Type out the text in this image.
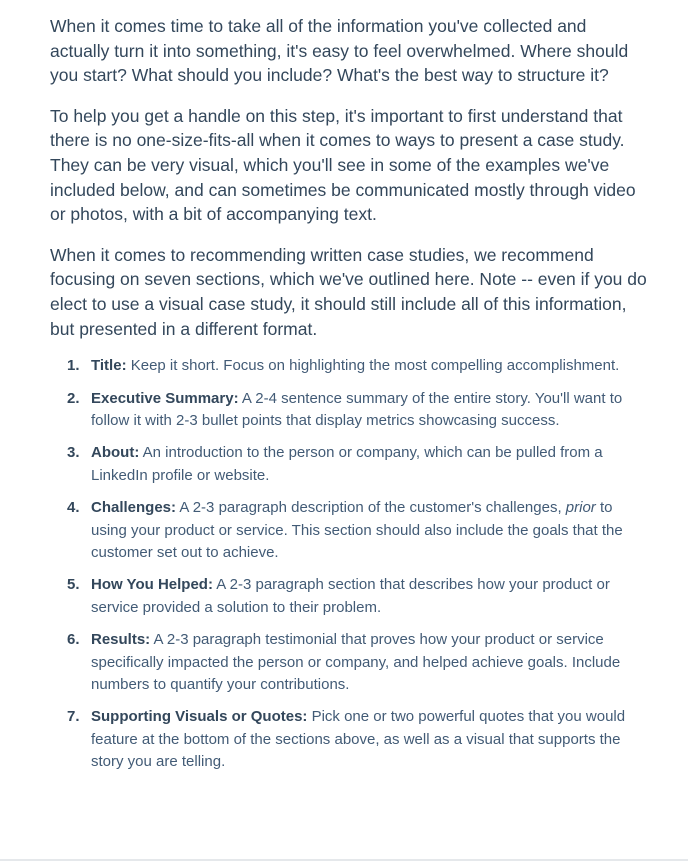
When it comes time to take all of the information you've collected and actually turn it into something, it's easy to feel overwhelmed. Where should you start? What should you include? What's the best way to structure it?

To help you get a handle on this step, it's important to first understand that there is no one-size-fits-all when it comes to ways to present a case study. They can be very visual, which you'll see in some of the examples we've included below, and can sometimes be communicated mostly through video or photos, with a bit of accompanying text.

When it comes to recommending written case studies, we recommend focusing on seven sections, which we've outlined here. Note -- even if you do elect to use a visual case study, it should still include all of this information, but presented in a different format.

1. Title: Keep it short. Focus on highlighting the most compelling accomplishment.
2. Executive Summary: A 2-4 sentence summary of the entire story. You'll want to follow it with 2-3 bullet points that display metrics showcasing success.
3. About: An introduction to the person or company, which can be pulled from a LinkedIn profile or website.
4. Challenges: A 2-3 paragraph description of the customer's challenges, prior to using your product or service. This section should also include the goals that the customer set out to achieve.
5. How You Helped: A 2-3 paragraph section that describes how your product or service provided a solution to their problem.
6. Results: A 2-3 paragraph testimonial that proves how your product or service specifically impacted the person or company, and helped achieve goals. Include numbers to quantify your contributions.
7. Supporting Visuals or Quotes: Pick one or two powerful quotes that you would feature at the bottom of the sections above, as well as a visual that supports the story you are telling.
